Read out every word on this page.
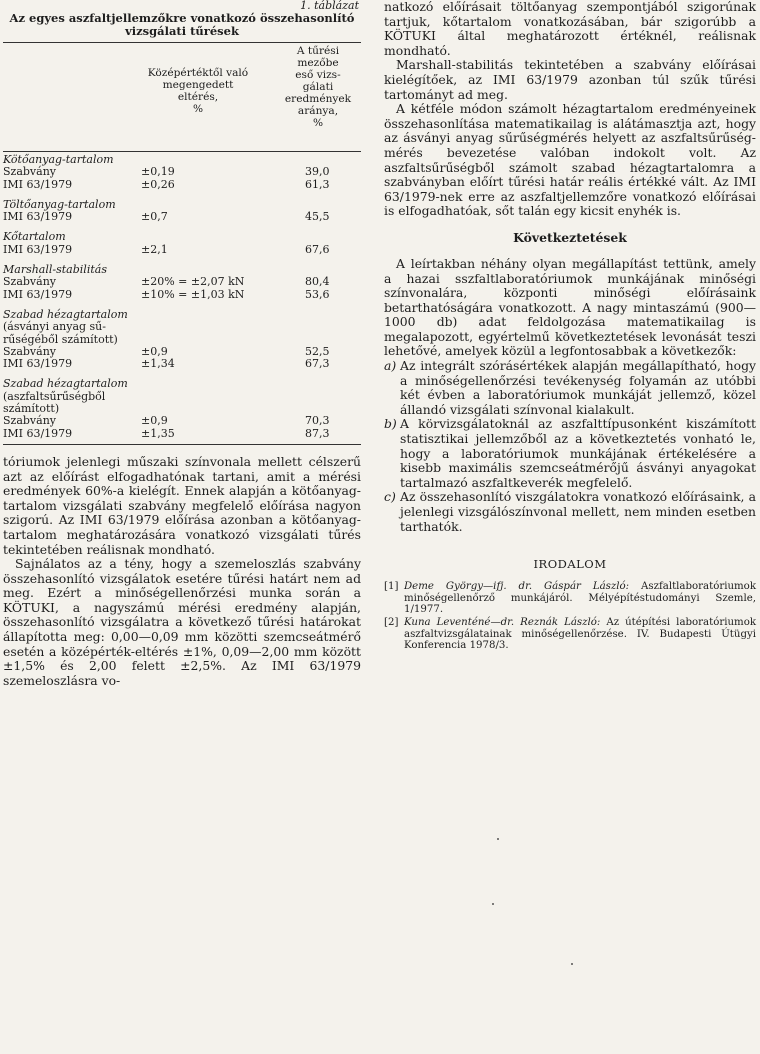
1. táblázat
Az egyes aszfaltjellemzőkre vonatkozó összehasonlító
vizsgálati tűrések
Középértéktől való
megengedett
eltérés,
%
A tűrési
mezőbe
eső vizs-
gálati
eredmények
aránya,
%
Kötőanyag-tartalom
Szabvány	±0,19	39,0
IMI 63/1979	±0,26	61,3
Töltőanyag-tartalom
IMI 63/1979	±0,7	45,5
Kőtartalom
IMI 63/1979	±2,1	67,6
Marshall-stabilitás
Szabvány	±20% = ±2,07 kN	80,4
IMI 63/1979	±10% = ±1,03 kN	53,6
Szabad hézagtartalom
(ásványi anyag sű-
rűségéből számított)
Szabvány	±0,9	52,5
IMI 63/1979	±1,34	67,3
Szabad hézagtartalom
(aszfaltsűrűségből
számított)
Szabvány	±0,9	70,3
IMI 63/1979	±1,35	87,3

tóriumok jelenlegi műszaki színvonala mellett célszerű azt az előírást elfogadhatónak tartani, amit a mérési eredmények 60%-a kielégít. Ennek alapján a kötőanyag-tartalom vizsgálati szabvány megfelelő előírása nagyon szigorú. Az IMI 63/1979 előírása azonban a kötőanyag-tartalom meghatározására vonatkozó vizsgálati tűrés tekintetében reálisnak mondható.

Sajnálatos az a tény, hogy a szemeloszlás szabvány összehasonlító vizsgálatok esetére tűrési határt nem ad meg. Ezért a minőségellenőrzési munka során a KÖTUKI, a nagyszámú mérési eredmény alapján, összehasonlító vizsgálatra a következő tűrési határokat állapította meg: 0,00—0,09 mm közötti szemcseátmérő esetén a középérték-eltérés ±1%, 0,09—2,00 mm között ±1,5% és 2,00 felett ±2,5%. Az IMI 63/1979 szemeloszlásra vo-

natkozó előírásait töltőanyag szempontjából szigorúnak tartjuk, kőtartalom vonatkozásában, bár szigorúbb a KÖTUKI által meghatározott értéknél, reálisnak mondható.

Marshall-stabilitás tekintetében a szabvány előírásai kielégítőek, az IMI 63/1979 azonban túl szűk tűrési tartományt ad meg.

A kétféle módon számolt hézagtartalom eredményeinek összehasonlítása matematikailag is alátámasztja azt, hogy az ásványi anyag sűrűségmérés helyett az aszfaltsűrűség-mérés bevezetése valóban indokolt volt. Az aszfaltsűrűségből számolt szabad hézagtartalomra a szabványban előírt tűrési határ reális értékké vált. Az IMI 63/1979-nek erre az aszfaltjellemzőre vonatkozó előírásai is elfogadhatóak, sőt talán egy kicsit enyhék is.

Következtetések

A leírtakban néhány olyan megállapítást tettünk, amely a hazai sszfaltlaboratóriumok munkájának minőségi színvonalára, központi minőségi előírásaink betarthatóságára vonatkozott. A nagy mintaszámú (900—1000 db) adat feldolgozása matematikailag is megalapozott, egyértelmű következtetések levonását teszi lehetővé, amelyek közül a legfontosabbak a következők:

a) Az integrált szórásértékek alapján megállapítható, hogy a minőségellenőrzési tevékenység folyamán az utóbbi két évben a laboratóriumok munkáját jellemző, közel állandó vizsgálati színvonal kialakult.
b) A körvizsgálatoknál az aszfalttípusonként kiszámított statisztikai jellemzőből az a következtetés vonható le, hogy a laboratóriumok munkájának értékelésére a kisebb maximális szemcseátmérőjű ásványi anyagokat tartalmazó aszfaltkeverék megfelelő.
c) Az összehasonlító viszgálatokra vonatkozó előírásaink, a jelenlegi vizsgálószínvonal mellett, nem minden esetben tarthatók.
IRODALOM
[1] Deme György—ifj. dr. Gáspár László: Aszfaltlaboratóriumok minőségellenőrző munkájáról. Mélyépítéstudományi Szemle, 1/1977.
[2] Kuna Leventéné—dr. Reznák László: Az útépítési laboratóriumok aszfaltvizsgálatainak minőségellenőrzése. IV. Budapesti Útügyi Konferencia 1978/3.
